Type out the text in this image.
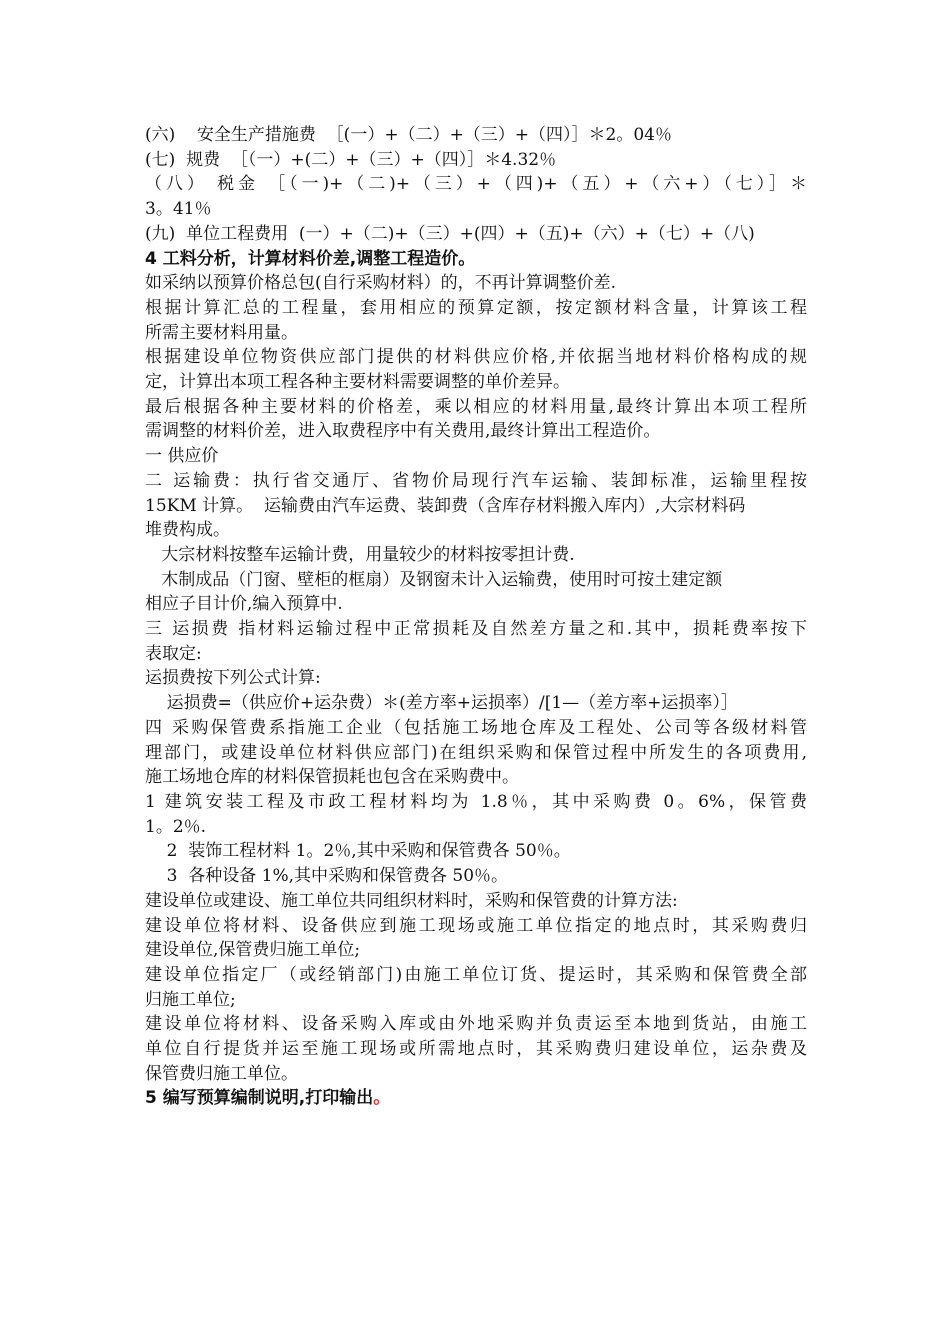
(六)    安全生产措施费  ［(一）+（二）+（三）+（四）］＊2。04％
(七)  规费  ［（一）+(二）+（三）+（四）］＊4.32％
（八） 税金 ［（一)+（二)+（三）+（四)+（五）+（六+）（七）］＊
3。41％
(九)  单位工程费用  (一）+（二)+（三）+(四）+（五)+（六）+（七）+（八)
4 工料分析，计算材料价差,调整工程造价。
如采纳以预算价格总包(自行采购材料）的，不再计算调整价差.
根据计算汇总的工程量，套用相应的预算定额，按定额材料含量，计算该工程
所需主要材料用量。
根据建设单位物资供应部门提供的材料供应价格,并依据当地材料价格构成的规
定，计算出本项工程各种主要材料需要调整的单价差异。
最后根据各种主要材料的价格差，乘以相应的材料用量,最终计算出本项工程所
需调整的材料价差，进入取费程序中有关费用,最终计算出工程造价。
一 供应价
二 运输费：执行省交通厅、省物价局现行汽车运输、装卸标准，运输里程按
15KM 计算。  运输费由汽车运费、装卸费（含库存材料搬入库内）,大宗材料码
堆费构成。
大宗材料按整车运输计费，用量较少的材料按零担计费.
木制成品（门窗、壁柜的框扇）及钢窗未计入运输费，使用时可按土建定额
相应子目计价,编入预算中.
三 运损费 指材料运输过程中正常损耗及自然差方量之和.其中，损耗费率按下
表取定:
运损费按下列公式计算:
运损费=（供应价+运杂费）＊(差方率+运损率）/[1—（差方率+运损率）］
四 采购保管费系指施工企业（包括施工场地仓库及工程处、公司等各级材料管
理部门，或建设单位材料供应部门)在组织采购和保管过程中所发生的各项费用,
施工场地仓库的材料保管损耗也包含在采购费中。
1 建筑安装工程及市政工程材料均为 1.8％，其中采购费 0。6%，保管费
1。2％.
2  装饰工程材料 1。2％,其中采购和保管费各 50％。
3  各种设备 1%,其中采购和保管费各 50％。
建设单位或建设、施工单位共同组织材料时，采购和保管费的计算方法:
建设单位将材料、设备供应到施工现场或施工单位指定的地点时，其采购费归
建设单位,保管费归施工单位;
建设单位指定厂（或经销部门)由施工单位订货、提运时，其采购和保管费全部
归施工单位;
建设单位将材料、设备采购入库或由外地采购并负责运至本地到货站，由施工
单位自行提货并运至施工现场或所需地点时，其采购费归建设单位，运杂费及
保管费归施工单位。
5 编写预算编制说明,打印输出。
